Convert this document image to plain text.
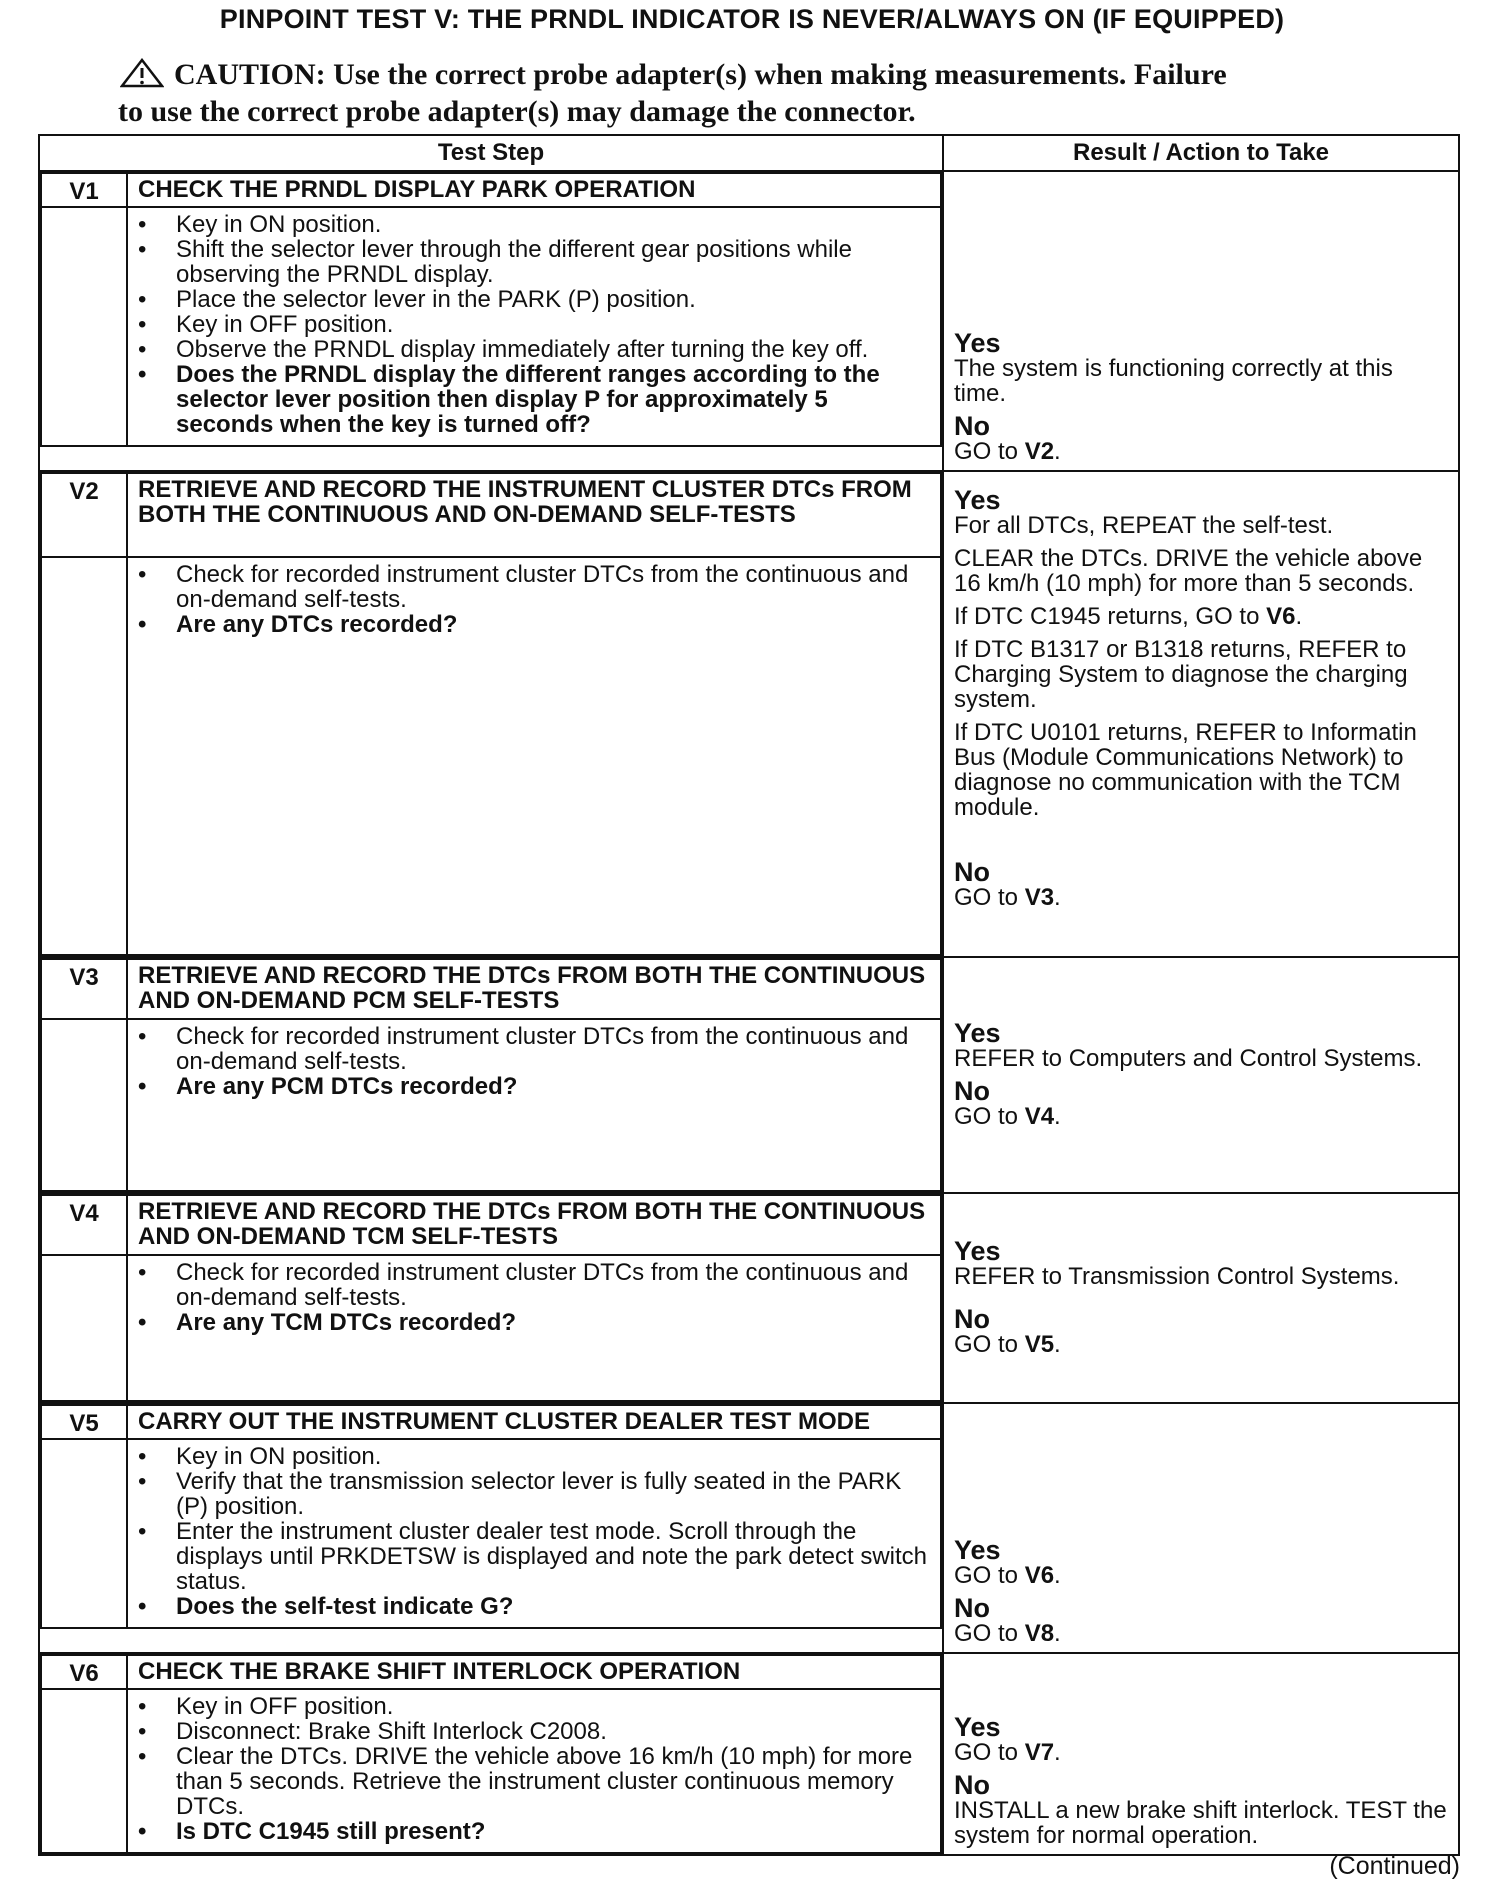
PINPOINT TEST V: THE PRNDL INDICATOR IS NEVER/ALWAYS ON (IF EQUIPPED)
CAUTION: Use the correct probe adapter(s) when making measurements. Failure
to use the correct probe adapter(s) may damage the connector.
Test Step	Result / Action to Take

V1	CHECK THE PRNDL DISPLAY PARK OPERATION

• Key in ON position.
• Shift the selector lever through the different gear positions while observing the PRNDL display.
• Place the selector lever in the PARK (P) position.
• Key in OFF position.
• Observe the PRNDL display immediately after turning the key off.
• Does the PRNDL display the different ranges according to the selector lever position then display P for approximately 5 seconds when the key is turned off?

Yes

The system is functioning correctly at this time.

No

GO to V2.

V2	RETRIEVE AND RECORD THE INSTRUMENT CLUSTER DTCs FROM BOTH THE CONTINUOUS AND ON-DEMAND SELF-TESTS

• Check for recorded instrument cluster DTCs from the continuous and on-demand self-tests.
• Are any DTCs recorded?

Yes

For all DTCs, REPEAT the self-test.

CLEAR the DTCs. DRIVE the vehicle above 16 km/h (10 mph) for more than 5 seconds.

If DTC C1945 returns, GO to V6.

If DTC B1317 or B1318 returns, REFER to Charging System to diagnose the charging system.

If DTC U0101 returns, REFER to Informatin Bus (Module Communications Network) to diagnose no communication with the TCM module.

No

GO to V3.

V3	RETRIEVE AND RECORD THE DTCs FROM BOTH THE CONTINUOUS AND ON-DEMAND PCM SELF-TESTS

• Check for recorded instrument cluster DTCs from the continuous and on-demand self-tests.
• Are any PCM DTCs recorded?

Yes

REFER to Computers and Control Systems.

No

GO to V4.

V4	RETRIEVE AND RECORD THE DTCs FROM BOTH THE CONTINUOUS AND ON-DEMAND TCM SELF-TESTS

• Check for recorded instrument cluster DTCs from the continuous and on-demand self-tests.
• Are any TCM DTCs recorded?

Yes

REFER to Transmission Control Systems.

No

GO to V5.

V5	CARRY OUT THE INSTRUMENT CLUSTER DEALER TEST MODE

• Key in ON position.
• Verify that the transmission selector lever is fully seated in the PARK (P) position.
• Enter the instrument cluster dealer test mode. Scroll through the displays until PRKDETSW is displayed and note the park detect switch status.
• Does the self-test indicate G?

Yes

GO to V6.

No

GO to V8.

V6	CHECK THE BRAKE SHIFT INTERLOCK OPERATION

• Key in OFF position.
• Disconnect: Brake Shift Interlock C2008.
• Clear the DTCs. DRIVE the vehicle above 16 km/h (10 mph) for more than 5 seconds. Retrieve the instrument cluster continuous memory DTCs.
• Is DTC C1945 still present?

Yes

GO to V7.

No

INSTALL a new brake shift interlock. TEST the system for normal operation.

(Continued)
